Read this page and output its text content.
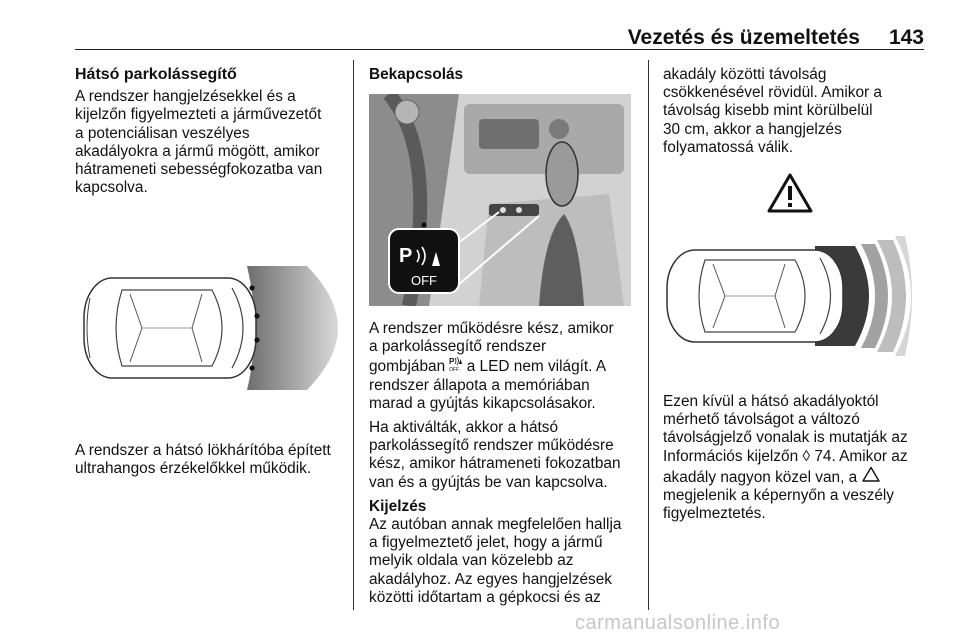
Vezetés és üzemeltetés 143
Hátsó parkolássegítő

A rendszer hangjelzésekkel és a
kijelzőn figyelmezteti a járművezetőt
a potenciálisan veszélyes
akadályokra a jármű mögött, amikor
hátrameneti sebességfokozatba van
kapcsolva.

A rendszer a hátsó lökhárítóba épített
ultrahangos érzékelőkkel működik.

Bekapcsolás
P
OFF

A rendszer működésre kész, amikor
a parkolássegítő rendszer
gombjában P
OFF a LED nem világít. A
rendszer állapota a memóriában
marad a gyújtás kikapcsolásakor.

Ha aktiválták, akkor a hátsó
parkolássegítő rendszer működésre
kész, amikor hátrameneti fokozatban
van és a gyújtás be van kapcsolva.

Kijelzés

Az autóban annak megfelelően hallja
a figyelmeztető jelet, hogy a jármű
melyik oldala van közelebb az
akadályhoz. Az egyes hangjelzések
közötti időtartam a gépkocsi és az

akadály közötti távolság
csökkenésével rövidül. Amikor a
távolság kisebb mint körülbelül
30 cm, akkor a hangjelzés
folyamatossá válik.

Ezen kívül a hátsó akadályoktól
mérhető távolságot a változó
távolságjelző vonalak is mutatják az
Információs kijelzőn ◊ 74. Amikor az
akadály nagyon közel van, a
megjelenik a képernyőn a veszély
figyelmeztetés.

carmanualsonline.info
